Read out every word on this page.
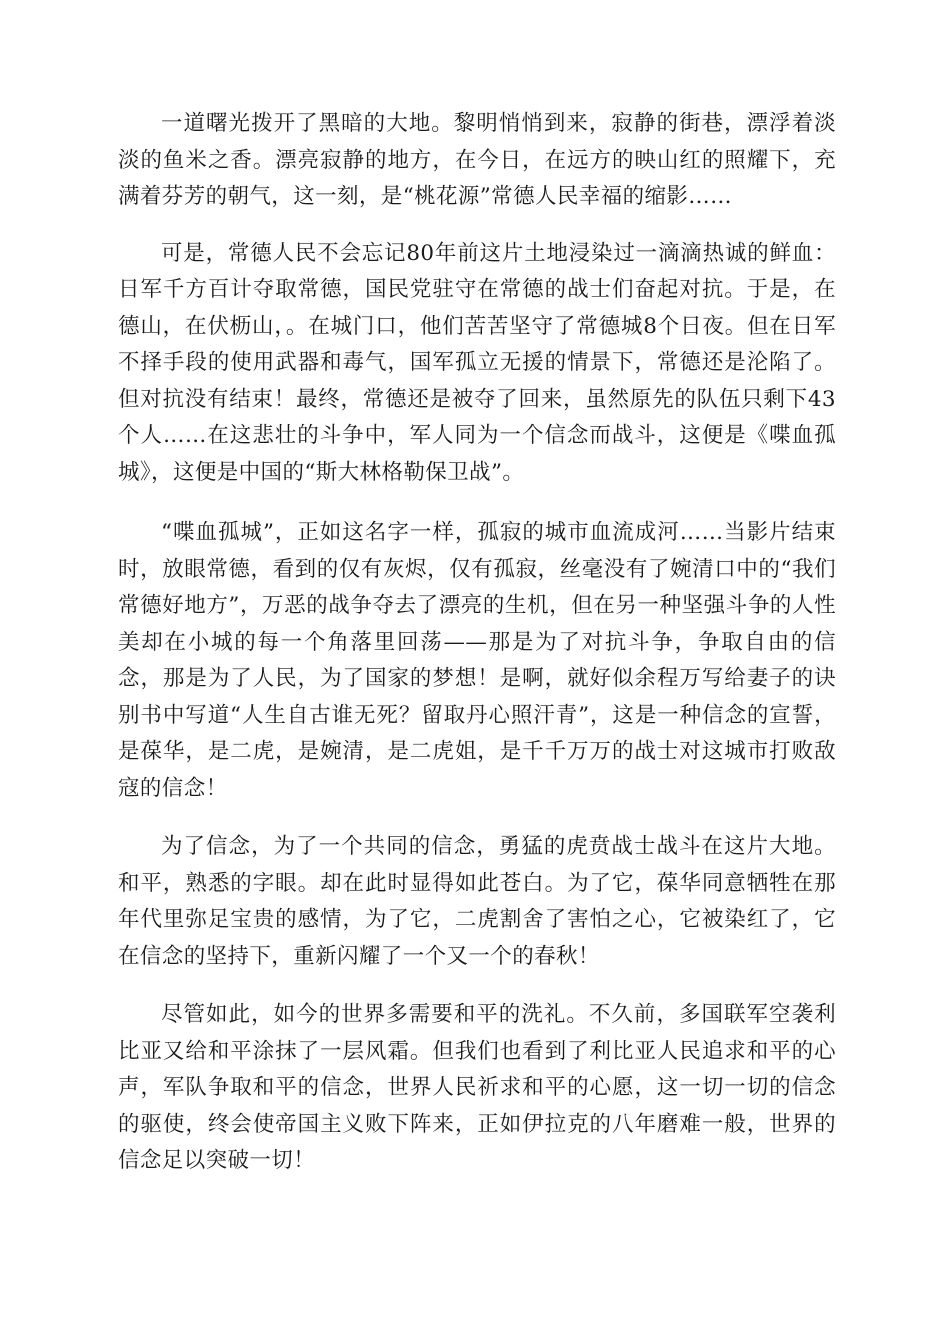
一道曙光拨开了黑暗的大地。黎明悄悄到来，寂静的街巷，漂浮着淡淡的鱼米之香。漂亮寂静的地方，在今日，在远方的映山红的照耀下，充满着芬芳的朝气，这一刻，是“桃花源”常德人民幸福的缩影……

可是，常德人民不会忘记80年前这片土地浸染过一滴滴热诚的鲜血：日军千方百计夺取常德，国民党驻守在常德的战士们奋起对抗。于是，在德山，在伏枥山，。在城门口，他们苦苦坚守了常德城8个日夜。但在日军不择手段的使用武器和毒气，国军孤立无援的情景下，常德还是沦陷了。但对抗没有结束！最终，常德还是被夺了回来，虽然原先的队伍只剩下43个人……在这悲壮的斗争中，军人同为一个信念而战斗，这便是《喋血孤城》，这便是中国的“斯大林格勒保卫战”。

“喋血孤城”，正如这名字一样，孤寂的城市血流成河……当影片结束时，放眼常德，看到的仅有灰烬，仅有孤寂，丝毫没有了婉清口中的“我们常德好地方”，万恶的战争夺去了漂亮的生机，但在另一种坚强斗争的人性美却在小城的每一个角落里回荡——那是为了对抗斗争，争取自由的信念，那是为了人民，为了国家的梦想！是啊，就好似余程万写给妻子的诀别书中写道“人生自古谁无死？留取丹心照汗青”，这是一种信念的宣誓，是葆华，是二虎，是婉清，是二虎姐，是千千万万的战士对这城市打败敌寇的信念！

为了信念，为了一个共同的信念，勇猛的虎贲战士战斗在这片大地。和平，熟悉的字眼。却在此时显得如此苍白。为了它，葆华同意牺牲在那年代里弥足宝贵的感情，为了它，二虎割舍了害怕之心，它被染红了，它在信念的坚持下，重新闪耀了一个又一个的春秋！

尽管如此，如今的世界多需要和平的洗礼。不久前，多国联军空袭利比亚又给和平涂抹了一层风霜。但我们也看到了利比亚人民追求和平的心声，军队争取和平的信念，世界人民祈求和平的心愿，这一切一切的信念的驱使，终会使帝国主义败下阵来，正如伊拉克的八年磨难一般，世界的信念足以突破一切！
